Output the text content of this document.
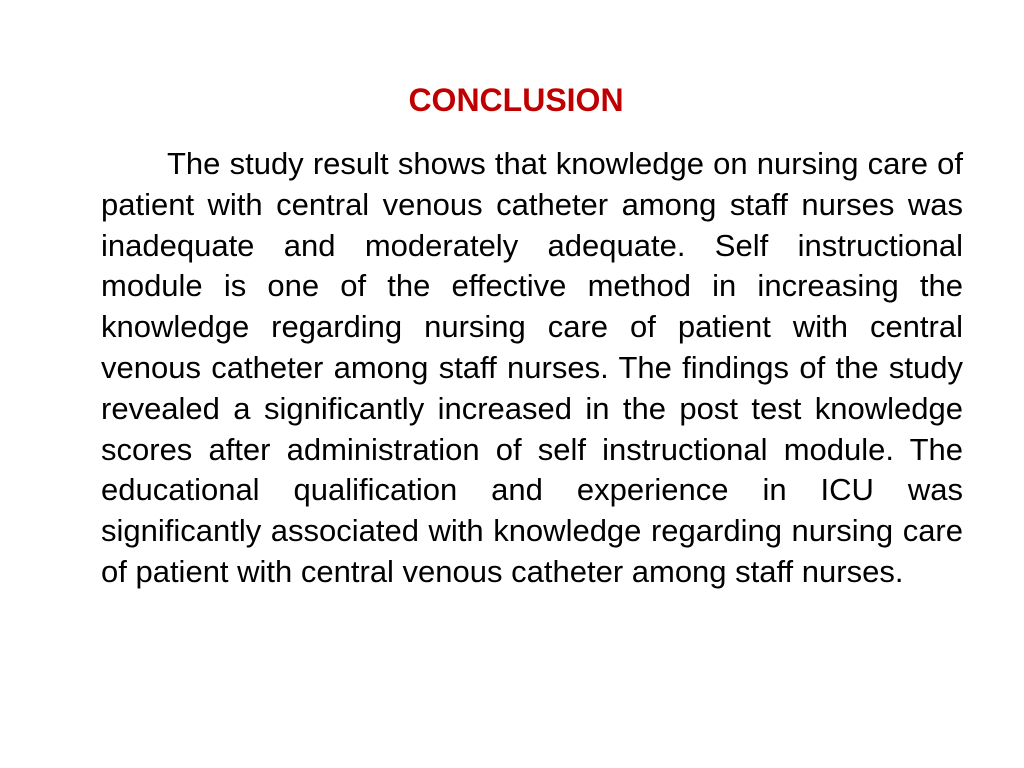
CONCLUSION

The study result shows that knowledge on nursing care of patient with central venous catheter among staff nurses was inadequate and moderately adequate. Self instructional module is one of the effective method in increasing the knowledge regarding nursing care of patient with central venous catheter among staff nurses. The findings of the study revealed a significantly increased in the post test knowledge scores after administration of self instructional module. The educational qualification and experience in ICU was significantly associated with knowledge regarding nursing care of patient with central venous catheter among staff nurses.
